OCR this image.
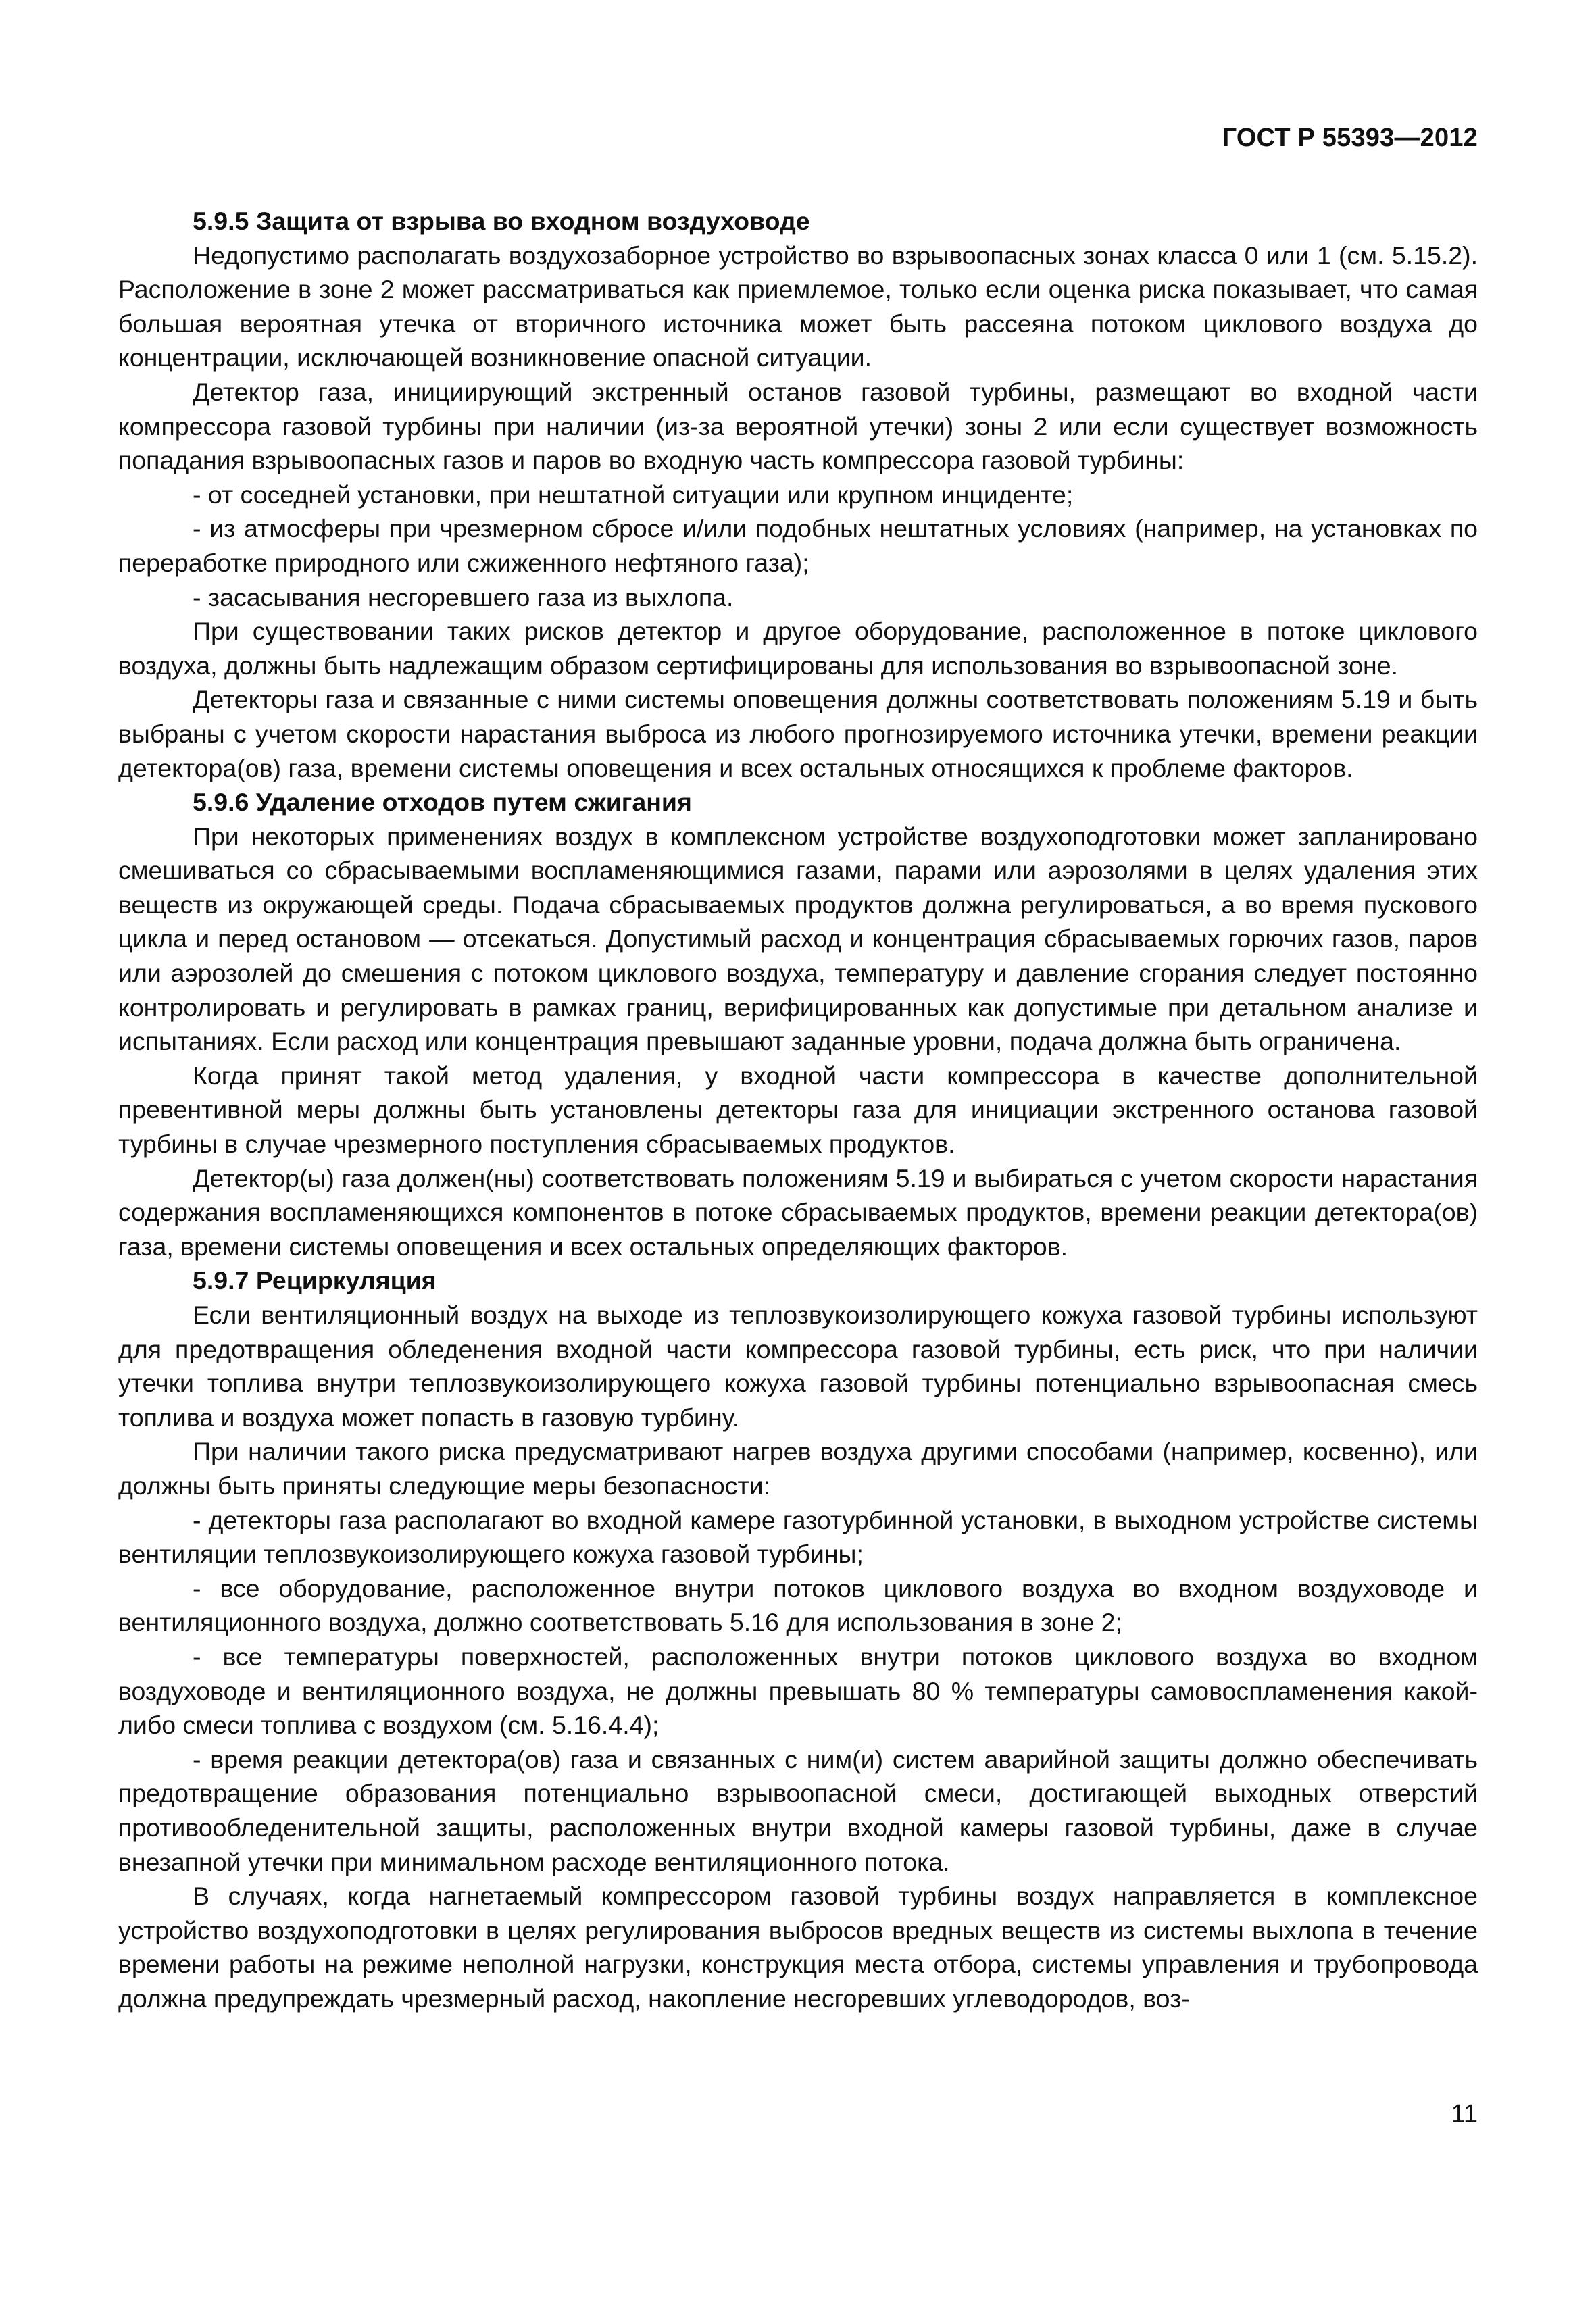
ГОСТ Р 55393—2012

5.9.5 Защита от взрыва во входном воздуховоде

Недопустимо располагать воздухозаборное устройство во взрывоопасных зонах класса 0 или 1 (см. 5.15.2). Расположение в зоне 2 может рассматриваться как приемлемое, только если оценка риска показывает, что самая большая вероятная утечка от вторичного источника может быть рассеяна потоком циклового воздуха до концентрации, исключающей возникновение опасной ситуации.

Детектор газа, инициирующий экстренный останов газовой турбины, размещают во входной части компрессора газовой турбины при наличии (из-за вероятной утечки) зоны 2 или если существует возможность попадания взрывоопасных газов и паров во входную часть компрессора газовой турбины:

- от соседней установки, при нештатной ситуации или крупном инциденте;

- из атмосферы при чрезмерном сбросе и/или подобных нештатных условиях (например, на установках по переработке природного или сжиженного нефтяного газа);

- засасывания несгоревшего газа из выхлопа.

При существовании таких рисков детектор и другое оборудование, расположенное в потоке циклового воздуха, должны быть надлежащим образом сертифицированы для использования во взрывоопасной зоне.

Детекторы газа и связанные с ними системы оповещения должны соответствовать положениям 5.19 и быть выбраны с учетом скорости нарастания выброса из любого прогнозируемого источника утечки, времени реакции детектора(ов) газа, времени системы оповещения и всех остальных относящихся к проблеме факторов.

5.9.6 Удаление отходов путем сжигания

При некоторых применениях воздух в комплексном устройстве воздухоподготовки может запланировано смешиваться со сбрасываемыми воспламеняющимися газами, парами или аэрозолями в целях удаления этих веществ из окружающей среды. Подача сбрасываемых продуктов должна регулироваться, а во время пускового цикла и перед остановом — отсекаться. Допустимый расход и концентрация сбрасываемых горючих газов, паров или аэрозолей до смешения с потоком циклового воздуха, температуру и давление сгорания следует постоянно контролировать и регулировать в рамках границ, верифицированных как допустимые при детальном анализе и испытаниях. Если расход или концентрация превышают заданные уровни, подача должна быть ограничена.

Когда принят такой метод удаления, у входной части компрессора в качестве дополнительной превентивной меры должны быть установлены детекторы газа для инициации экстренного останова газовой турбины в случае чрезмерного поступления сбрасываемых продуктов.

Детектор(ы) газа должен(ны) соответствовать положениям 5.19 и выбираться с учетом скорости нарастания содержания воспламеняющихся компонентов в потоке сбрасываемых продуктов, времени реакции детектора(ов) газа, времени системы оповещения и всех остальных определяющих факторов.

5.9.7 Рециркуляция

Если вентиляционный воздух на выходе из теплозвукоизолирующего кожуха газовой турбины используют для предотвращения обледенения входной части компрессора газовой турбины, есть риск, что при наличии утечки топлива внутри теплозвукоизолирующего кожуха газовой турбины потенциально взрывоопасная смесь топлива и воздуха может попасть в газовую турбину.

При наличии такого риска предусматривают нагрев воздуха другими способами (например, косвенно), или должны быть приняты следующие меры безопасности:

- детекторы газа располагают во входной камере газотурбинной установки, в выходном устройстве системы вентиляции теплозвукоизолирующего кожуха газовой турбины;

- все оборудование, расположенное внутри потоков циклового воздуха во входном воздуховоде и вентиляционного воздуха, должно соответствовать 5.16 для использования в зоне 2;

- все температуры поверхностей, расположенных внутри потоков циклового воздуха во входном воздуховоде и вентиляционного воздуха, не должны превышать 80 % температуры самовоспламенения какой-либо смеси топлива с воздухом (см. 5.16.4.4);

- время реакции детектора(ов) газа и связанных с ним(и) систем аварийной защиты должно обеспечивать предотвращение образования потенциально взрывоопасной смеси, достигающей выходных отверстий противообледенительной защиты, расположенных внутри входной камеры газовой турбины, даже в случае внезапной утечки при минимальном расходе вентиляционного потока.

В случаях, когда нагнетаемый компрессором газовой турбины воздух направляется в комплексное устройство воздухоподготовки в целях регулирования выбросов вредных веществ из системы выхлопа в течение времени работы на режиме неполной нагрузки, конструкция места отбора, системы управления и трубопровода должна предупреждать чрезмерный расход, накопление несгоревших углеводородов, воз-

11
